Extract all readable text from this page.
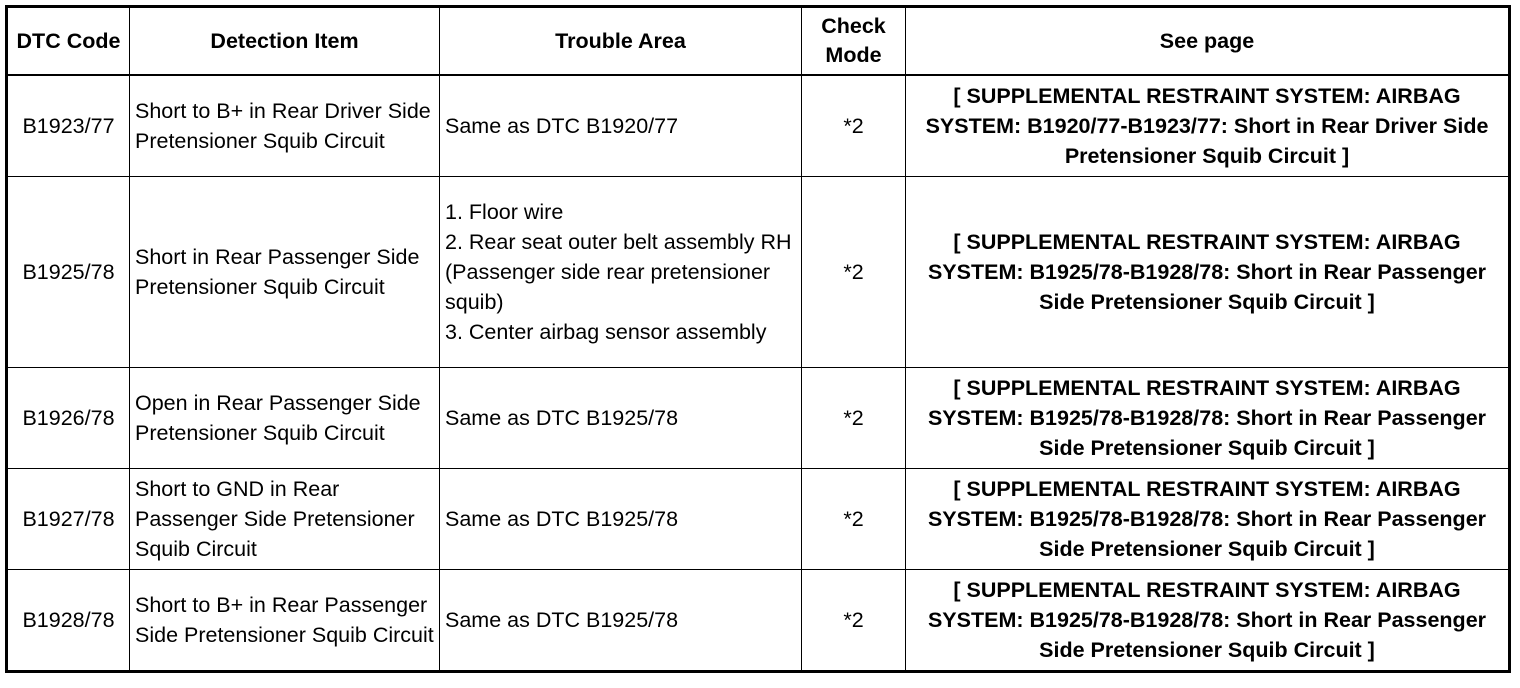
DTC Code	Detection Item	Trouble Area	Check Mode	See page
B1923/77	Short to B+ in Rear Driver Side Pretensioner Squib Circuit	Same as DTC B1920/77	*2	[ SUPPLEMENTAL RESTRAINT SYSTEM: AIRBAG SYSTEM: B1920/77-B1923/77: Short in Rear Driver Side Pretensioner Squib Circuit ]
B1925/78	Short in Rear Passenger Side Pretensioner Squib Circuit	1. Floor wire
2. Rear seat outer belt assembly RH (Passenger side rear pretensioner squib)
3. Center airbag sensor assembly	*2	[ SUPPLEMENTAL RESTRAINT SYSTEM: AIRBAG SYSTEM: B1925/78-B1928/78: Short in Rear Passenger Side Pretensioner Squib Circuit ]
B1926/78	Open in Rear Passenger Side Pretensioner Squib Circuit	Same as DTC B1925/78	*2	[ SUPPLEMENTAL RESTRAINT SYSTEM: AIRBAG SYSTEM: B1925/78-B1928/78: Short in Rear Passenger Side Pretensioner Squib Circuit ]
B1927/78	Short to GND in Rear Passenger Side Pretensioner Squib Circuit	Same as DTC B1925/78	*2	[ SUPPLEMENTAL RESTRAINT SYSTEM: AIRBAG SYSTEM: B1925/78-B1928/78: Short in Rear Passenger Side Pretensioner Squib Circuit ]
B1928/78	Short to B+ in Rear Passenger Side Pretensioner Squib Circuit	Same as DTC B1925/78	*2	[ SUPPLEMENTAL RESTRAINT SYSTEM: AIRBAG SYSTEM: B1925/78-B1928/78: Short in Rear Passenger Side Pretensioner Squib Circuit ]
